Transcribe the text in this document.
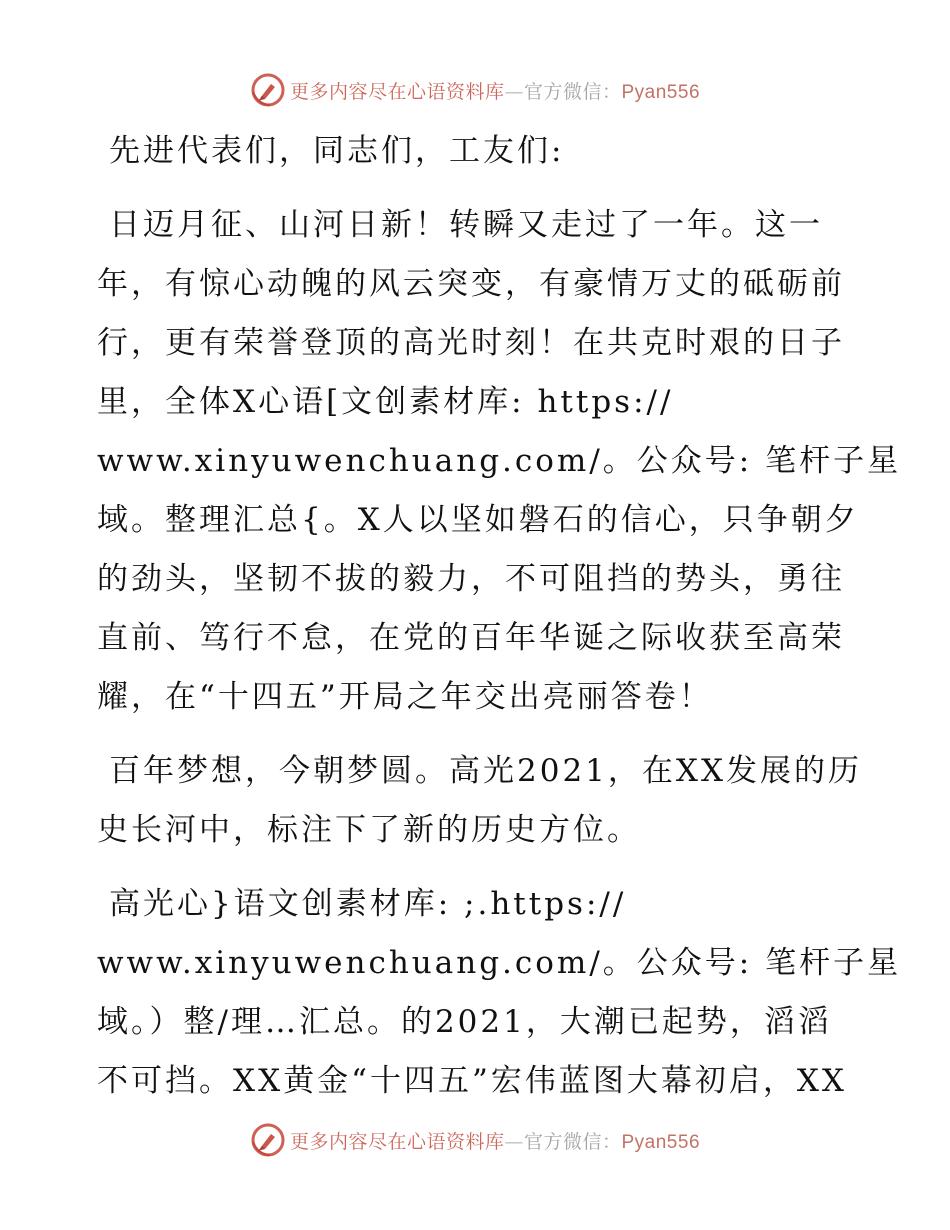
更多内容尽在心语资料库—官方微信：Pyan556

先进代表们，同志们，工友们:

日迈月征、山河日新！转瞬又走过了一年。这一
年，有惊心动魄的风云突变，有豪情万丈的砥砺前
行，更有荣誉登顶的高光时刻！在共克时艰的日子
里，全体X心语[文创素材库: https://
www.xinyuwenchuang.com/。公众号: 笔杆子星
域。整理汇总{。X人以坚如磐石的信心，只争朝夕
的劲头，坚韧不拔的毅力，不可阻挡的势头，勇往
直前、笃行不怠，在党的百年华诞之际收获至高荣
耀，在“十四五”开局之年交出亮丽答卷！

百年梦想，今朝梦圆。高光2021，在XX发展的历
史长河中，标注下了新的历史方位。

高光心}语文创素材库: ;.https://
www.xinyuwenchuang.com/。公众号: 笔杆子星
域。）整/理…汇总。的2021，大潮已起势，滔滔
不可挡。XX黄金“十四五”宏伟蓝图大幕初启，XX

更多内容尽在心语资料库—官方微信：Pyan556
